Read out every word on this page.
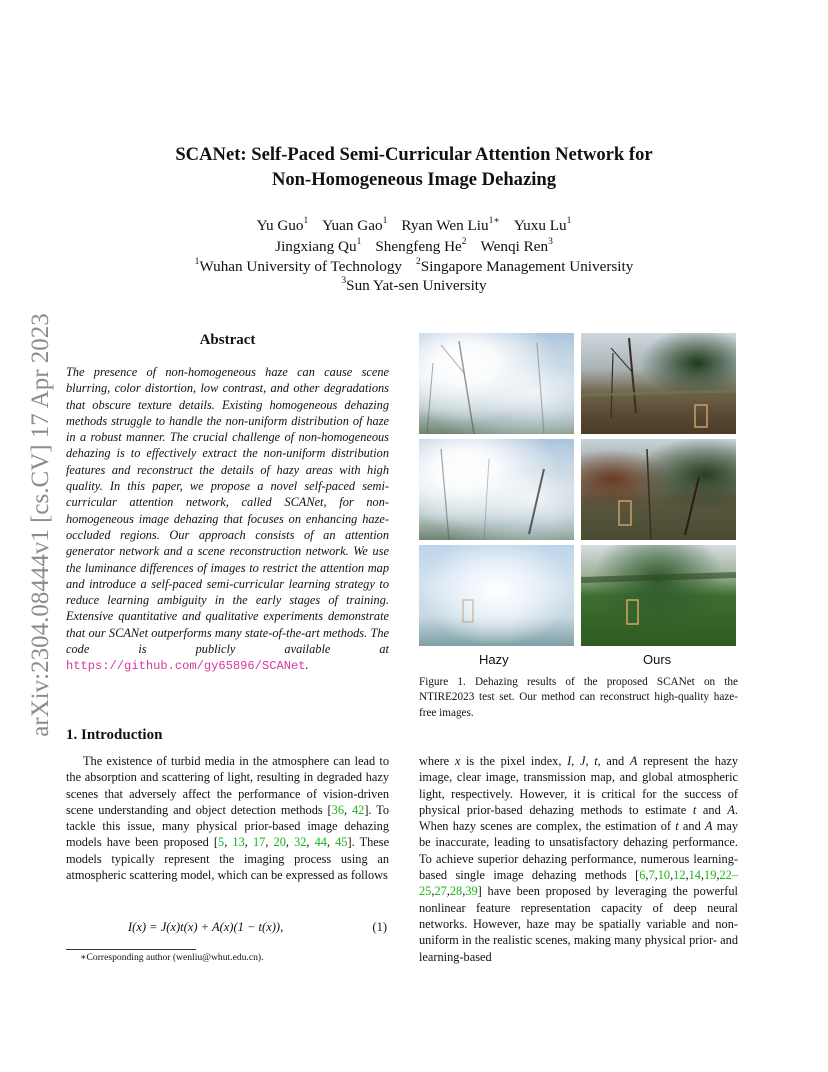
arXiv:2304.08444v1 [cs.CV] 17 Apr 2023
SCANet: Self-Paced Semi-Curricular Attention Network for
Non-Homogeneous Image Dehazing
Yu Guo$^1$ Yuan Gao$^1$ Ryan Wen Liu$^{1∗}$ Yuxu Lu$^1$
Jingxiang Qu$^1$ Shengfeng He$^2$ Wenqi Ren$^3$
$^1$Wuhan University of Technology $^2$Singapore Management University
$^3$Sun Yat-sen University
Abstract
The presence of non-homogeneous haze can cause scene blurring, color distortion, low contrast, and other degradations that obscure texture details. Existing homogeneous dehazing methods struggle to handle the non-uniform distribution of haze in a robust manner. The crucial challenge of non-homogeneous dehazing is to effectively extract the non-uniform distribution features and reconstruct the details of hazy areas with high quality. In this paper, we propose a novel self-paced semi-curricular attention network, called SCANet, for non-homogeneous image dehazing that focuses on enhancing haze-occluded regions. Our approach consists of an attention generator network and a scene reconstruction network. We use the luminance differences of images to restrict the attention map and introduce a self-paced semi-curricular learning strategy to reduce learning ambiguity in the early stages of training. Extensive quantitative and qualitative experiments demonstrate that our SCANet outperforms many state-of-the-art methods. The code is publicly available at https://github.com/gy65896/SCANet.
1. Introduction

The existence of turbid media in the atmosphere can lead to the absorption and scattering of light, resulting in degraded hazy scenes that adversely affect the performance of vision-driven scene understanding and object detection methods [36, 42]. To tackle this issue, many physical prior-based image dehazing models have been proposed [5, 13, 17, 20, 32, 44, 45]. These models typically represent the imaging process using an atmospheric scattering model, which can be expressed as follows

I(x) = J(x)t(x) + A(x)(1 − t(x)),	(1)
∗Corresponding author (wenliu@whut.edu.cn).
Hazy	Ours
Figure 1. Dehazing results of the proposed SCANet on the NTIRE2023 test set. Our method can reconstruct high-quality haze-free images.
where x is the pixel index, I, J, t, and A represent the hazy image, clear image, transmission map, and global atmospheric light, respectively. However, it is critical for the success of physical prior-based dehazing methods to estimate t and A. When hazy scenes are complex, the estimation of t and A may be inaccurate, leading to unsatisfactory dehazing performance. To achieve superior dehazing performance, numerous learning-based single image dehazing methods [6,7,10,12,14,19,22–25,27,28,39] have been proposed by leveraging the powerful nonlinear feature representation capacity of deep neural networks. However, haze may be spatially variable and non-uniform in the realistic scenes, making many physical prior- and learning-based
